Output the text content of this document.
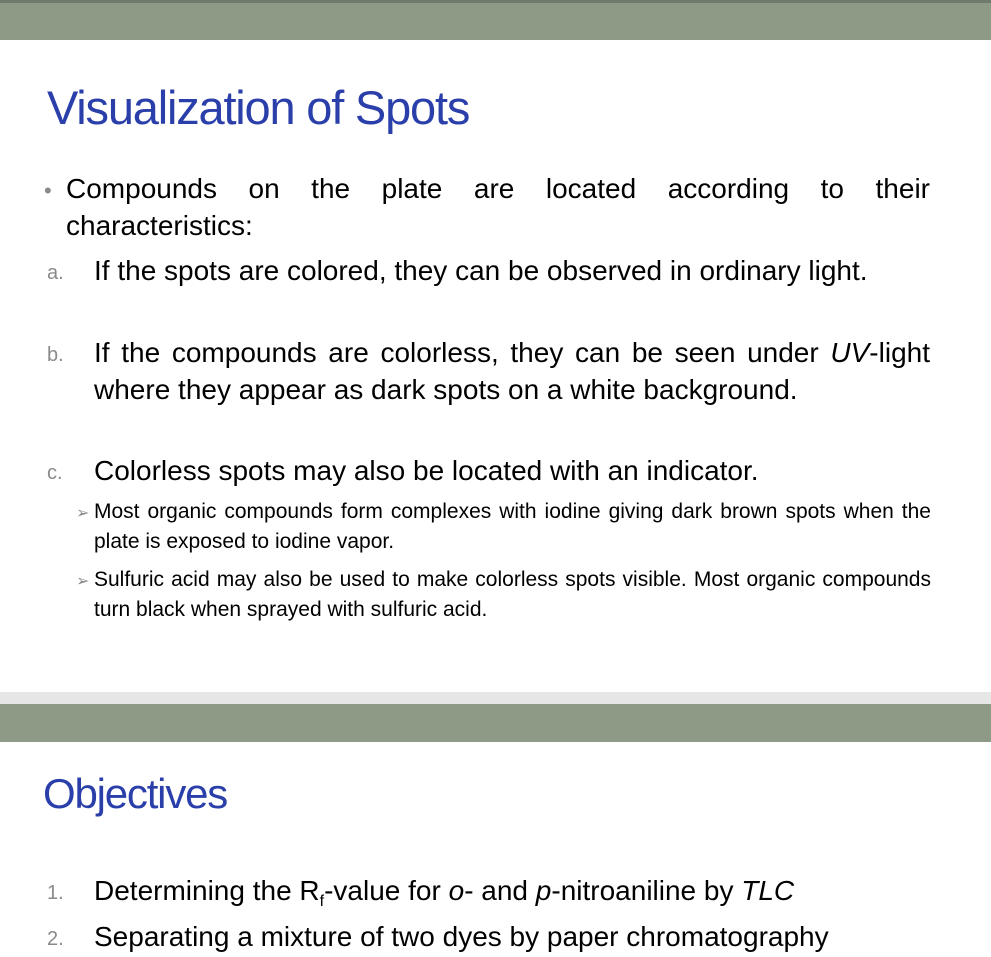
Visualization of Spots
• Compounds on the plate are located according to their characteristics:
a. If the spots are colored, they can be observed in ordinary light.
b. If the compounds are colorless, they can be seen under UV-light where they appear as dark spots on a white background.
c. Colorless spots may also be located with an indicator.
➢ Most organic compounds form complexes with iodine giving dark brown spots when the plate is exposed to iodine vapor.
➢ Sulfuric acid may also be used to make colorless spots visible. Most organic compounds turn black when sprayed with sulfuric acid.
Objectives
1. Determining the $R_f$-value for o- and p-nitroaniline by TLC
2. Separating a mixture of two dyes by paper chromatography
